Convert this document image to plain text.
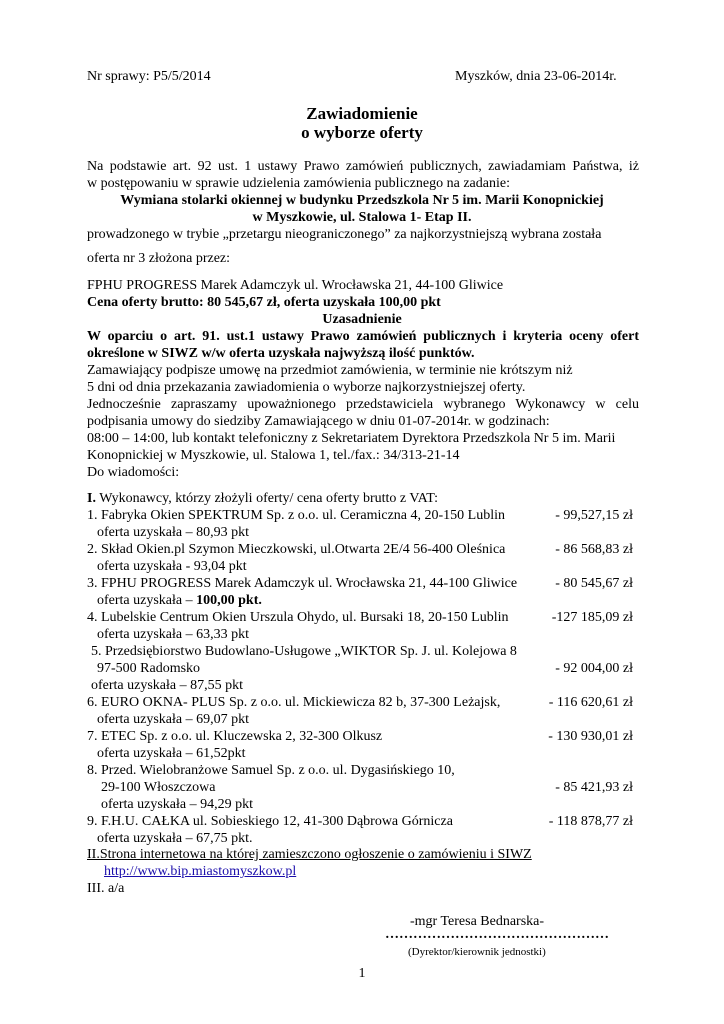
Nr sprawy: P5/5/2014	Myszków, dnia 23-06-2014r.
Zawiadomienie
o wyborze oferty
Na podstawie art. 92 ust. 1 ustawy Prawo zamówień publicznych, zawiadamiam Państwa, iż
w postępowaniu w sprawie udzielenia zamówienia publicznego na zadanie:
Wymiana stolarki okiennej w budynku Przedszkola Nr 5 im. Marii Konopnickiej
w Myszkowie, ul. Stalowa 1- Etap II.
prowadzonego w trybie „przetargu nieograniczonego” za najkorzystniejszą wybrana została
oferta nr 3 złożona przez:
FPHU PROGRESS Marek Adamczyk ul. Wrocławska 21, 44-100 Gliwice
Cena oferty brutto: 80 545,67 zł, oferta uzyskała 100,00 pkt
Uzasadnienie
W oparciu o art. 91. ust.1 ustawy Prawo zamówień publicznych i kryteria oceny ofert
określone w SIWZ w/w oferta uzyskała najwyższą ilość punktów.
Zamawiający podpisze umowę na przedmiot zamówienia, w terminie nie krótszym niż
5 dni od dnia przekazania zawiadomienia o wyborze najkorzystniejszej oferty.
Jednocześnie zapraszamy upoważnionego przedstawiciela wybranego Wykonawcy w celu
podpisania umowy do siedziby Zamawiającego w dniu 01-07-2014r. w godzinach:
08:00 – 14:00, lub kontakt telefoniczny z Sekretariatem Dyrektora Przedszkola Nr 5 im. Marii
Konopnickiej w Myszkowie, ul. Stalowa 1, tel./fax.: 34/313-21-14
Do wiadomości:
I. Wykonawcy, którzy złożyli oferty/ cena oferty brutto z VAT:
1. Fabryka Okien SPEKTRUM Sp. z o.o. ul. Ceramiczna 4, 20-150 Lublin	- 99,527,15 zł
oferta uzyskała – 80,93 pkt
2. Skład Okien.pl Szymon Mieczkowski, ul.Otwarta 2E/4 56-400 Oleśnica	- 86 568,83 zł
oferta uzyskała - 93,04 pkt
3. FPHU PROGRESS Marek Adamczyk ul. Wrocławska 21, 44-100 Gliwice	- 80 545,67 zł
oferta uzyskała – 100,00 pkt.
4. Lubelskie Centrum Okien Urszula Ohydo, ul. Bursaki 18, 20-150 Lublin	-127 185,09 zł
oferta uzyskała – 63,33 pkt
5. Przedsiębiorstwo Budowlano-Usługowe „WIKTOR Sp. J. ul. Kolejowa 8
97-500 Radomsko	- 92 004,00 zł
oferta uzyskała – 87,55 pkt
6. EURO OKNA- PLUS Sp. z o.o. ul. Mickiewicza 82 b, 37-300 Leżajsk,	- 116 620,61 zł
oferta uzyskała – 69,07 pkt
7. ETEC Sp. z o.o. ul. Kluczewska 2, 32-300 Olkusz	- 130 930,01 zł
oferta uzyskała – 61,52pkt
8. Przed. Wielobranżowe Samuel Sp. z o.o. ul. Dygasińskiego 10,
29-100 Włoszczowa	- 85 421,93 zł
oferta uzyskała – 94,29 pkt
9. F.H.U. CAŁKA ul. Sobieskiego 12, 41-300 Dąbrowa Górnicza	- 118 878,77 zł
oferta uzyskała – 67,75 pkt.
II.Strona internetowa na której zamieszczono ogłoszenie o zamówieniu i SIWZ
http://www.bip.miastomyszkow.pl
III. a/a
-mgr Teresa Bednarska-
…………………………………………
(Dyrektor/kierownik jednostki)
1
